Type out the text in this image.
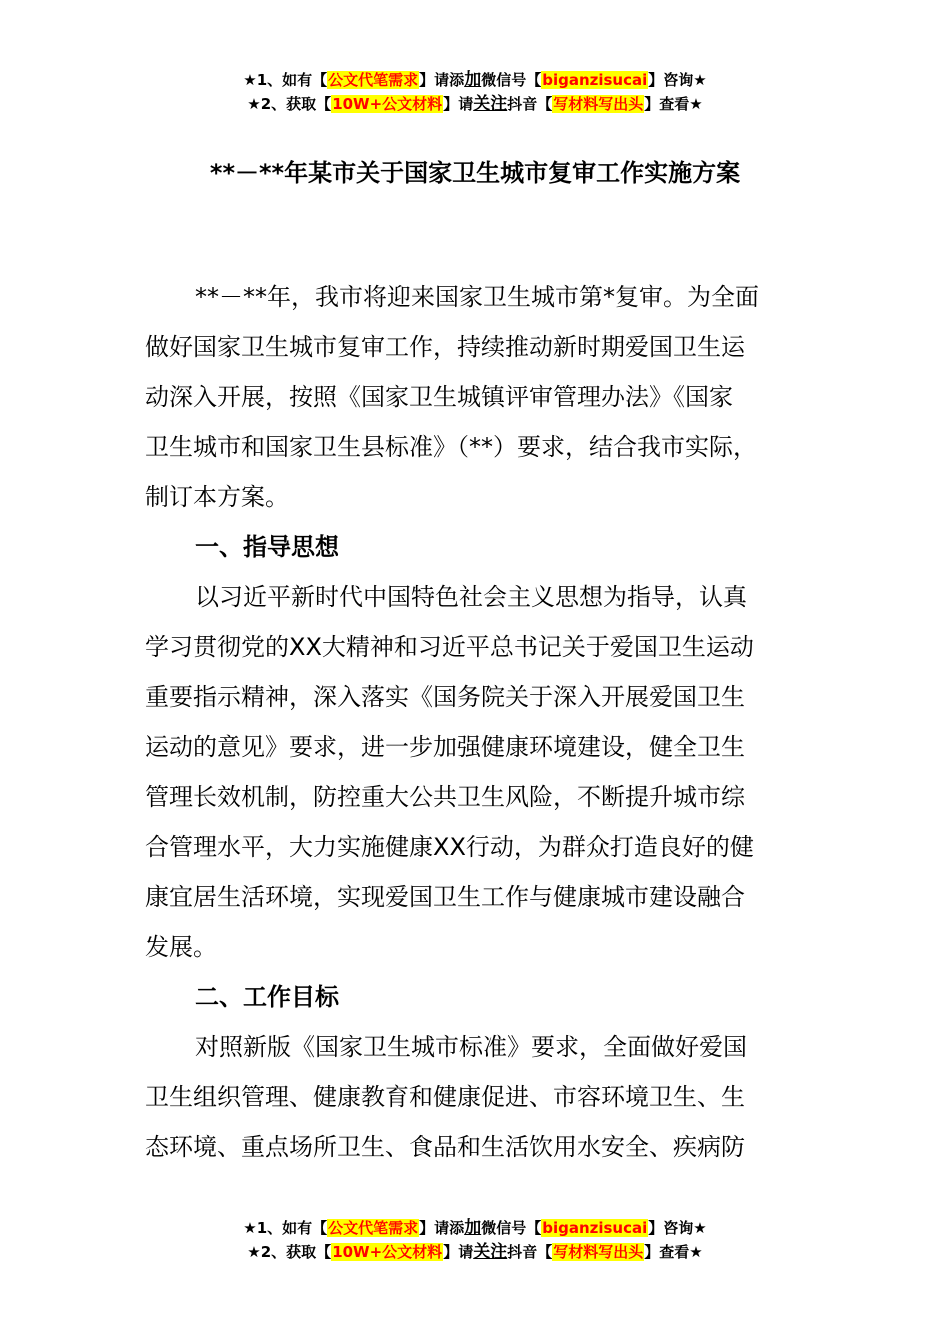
★1、如有【公文代笔需求】请添加微信号【biganzisucai】咨询★
★2、获取【10W+公文材料】请关注抖音【写材料写出头】查看★
**－**年某市关于国家卫生城市复审工作实施方案
**－**年，我市将迎来国家卫生城市第*复审。为全面
做好国家卫生城市复审工作，持续推动新时期爱国卫生运
动深入开展，按照《国家卫生城镇评审管理办法》《国家
卫生城市和国家卫生县标准》（**）要求，结合我市实际，
制订本方案。
一、指导思想
以习近平新时代中国特色社会主义思想为指导，认真
学习贯彻党的XX大精神和习近平总书记关于爱国卫生运动
重要指示精神，深入落实《国务院关于深入开展爱国卫生
运动的意见》要求，进一步加强健康环境建设，健全卫生
管理长效机制，防控重大公共卫生风险，不断提升城市综
合管理水平，大力实施健康XX行动，为群众打造良好的健
康宜居生活环境，实现爱国卫生工作与健康城市建设融合
发展。
二、工作目标
对照新版《国家卫生城市标准》要求，全面做好爱国
卫生组织管理、健康教育和健康促进、市容环境卫生、生
态环境、重点场所卫生、食品和生活饮用水安全、疾病防
★1、如有【公文代笔需求】请添加微信号【biganzisucai】咨询★
★2、获取【10W+公文材料】请关注抖音【写材料写出头】查看★
